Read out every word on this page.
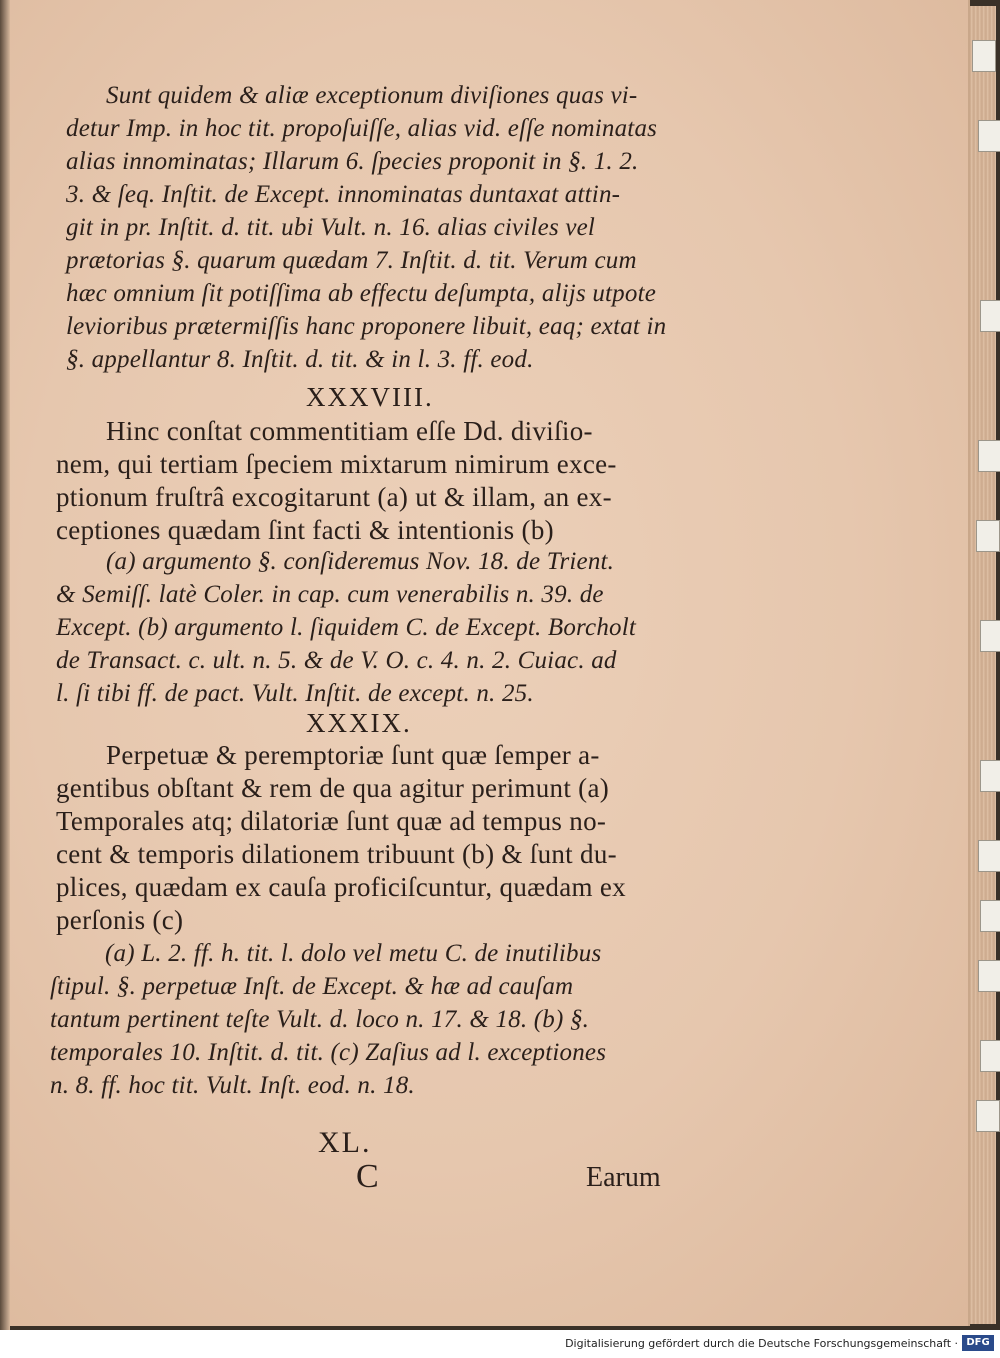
Sunt quidem & aliæ exceptionum diviſiones quas vi-
detur Imp. in hoc tit. propoſuiſſe, alias vid. eſſe nominatas
alias innominatas; Illarum 6. ſpecies proponit in §. 1. 2.
3. & ſeq. Inſtit. de Except. innominatas duntaxat attin-
git in pr. Inſtit. d. tit. ubi Vult. n. 16. alias civiles vel
prætorias §. quarum quædam 7. Inſtit. d. tit. Verum cum
hæc omnium ſit potiſſima ab effectu deſumpta, alijs utpote
levioribus prætermiſſis hanc proponere libuit, eaq; extat in
§. appellantur 8. Inſtit. d. tit. & in l. 3. ff. eod.
XXXVIII.
Hinc conſtat commentitiam eſſe Dd. diviſio-
nem, qui tertiam ſpeciem mixtarum nimirum exce-
ptionum fruſtrâ excogitarunt (a) ut & illam, an ex-
ceptiones quædam ſint facti & intentionis (b)
(a) argumento §. conſideremus Nov. 18. de Trient.
& Semiſſ. latè Coler. in cap. cum venerabilis n. 39. de
Except. (b) argumento l. ſiquidem C. de Except. Borcholt
de Transact. c. ult. n. 5. & de V. O. c. 4. n. 2. Cuiac. ad
l. ſi tibi ff. de pact. Vult. Inſtit. de except. n. 25.
XXXIX.
Perpetuæ & peremptoriæ ſunt quæ ſemper a-
gentibus obſtant & rem de qua agitur perimunt (a)
Temporales atq; dilatoriæ ſunt quæ ad tempus no-
cent & temporis dilationem tribuunt (b) & ſunt du-
plices, quædam ex cauſa proficiſcuntur, quædam ex
perſonis (c)
(a) L. 2. ff. h. tit. l. dolo vel metu C. de inutilibus
ſtipul. §. perpetuæ Inſt. de Except. & hæ ad cauſam
tantum pertinent teſte Vult. d. loco n. 17. & 18. (b) §.
temporales 10. Inſtit. d. tit. (c) Zaſius ad l. exceptiones
n. 8. ff. hoc tit. Vult. Inſt. eod. n. 18.
XL.
C	Earum
Digitalisierung gefördert durch die Deutsche Forschungsgemeinschaft · DFG
